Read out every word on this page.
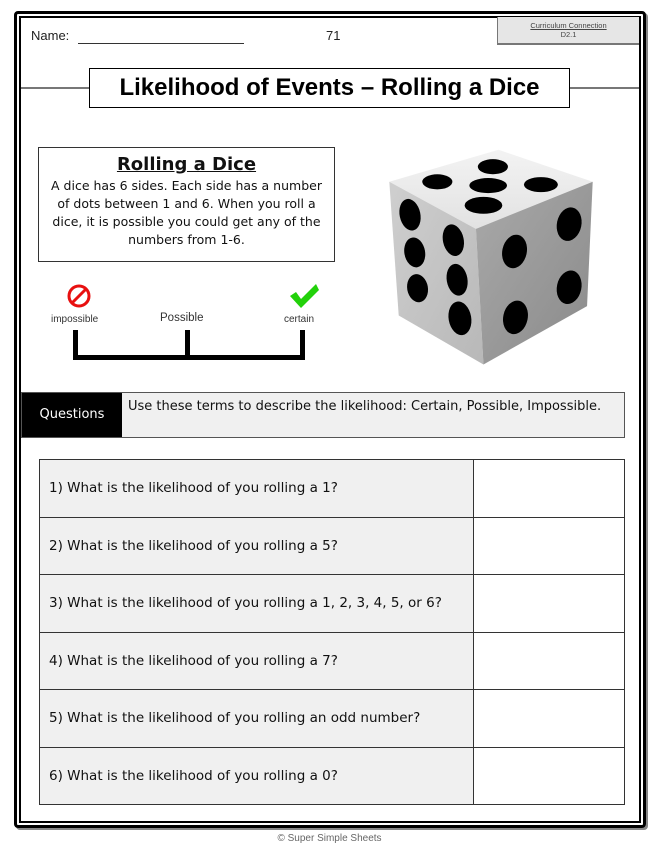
Name:	71
Curriculum Connection
D2.1
Likelihood of Events – Rolling a Dice
Rolling a Dice
A dice has 6 sides. Each side has a number of dots between 1 and 6. When you roll a dice, it is possible you could get any of the numbers from 1-6.
impossible	Possible	certain
Questions
Use these terms to describe the likelihood: Certain, Possible, Impossible.
1) What is the likelihood of you rolling a 1?	
2) What is the likelihood of you rolling a 5?	
3) What is the likelihood of you rolling a 1, 2, 3, 4, 5, or 6?	
4) What is the likelihood of you rolling a 7?	
5) What is the likelihood of you rolling an odd number?	
6) What is the likelihood of you rolling a 0?	
© Super Simple Sheets
